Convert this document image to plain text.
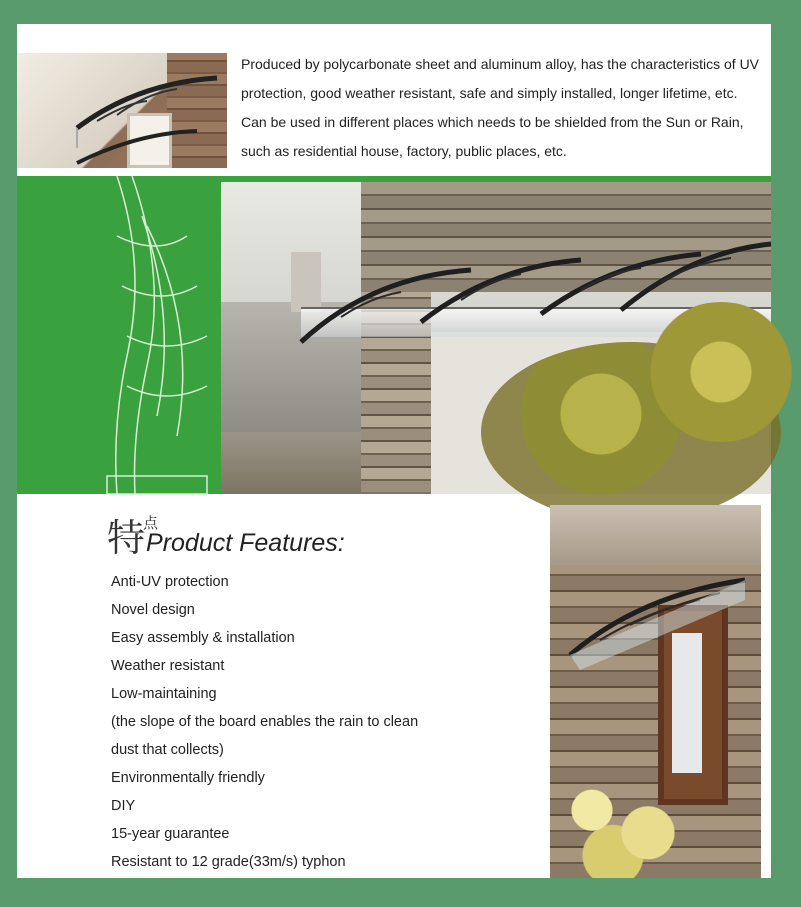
Produced by polycarbonate sheet and aluminum alloy, has the characteristics of UV protection, good weather resistant, safe and simply installed, longer lifetime, etc. Can be used in different places which needs to be shielded from the Sun or Rain, such as residential house, factory, public places, etc.

特
点
Product Features:
Anti-UV protection
Novel design
Easy assembly & installation
Weather resistant
Low-maintaining
(the slope of the board enables the rain to clean
dust that collects)
Environmentally friendly
DIY
15-year guarantee
Resistant to 12 grade(33m/s) typhon
